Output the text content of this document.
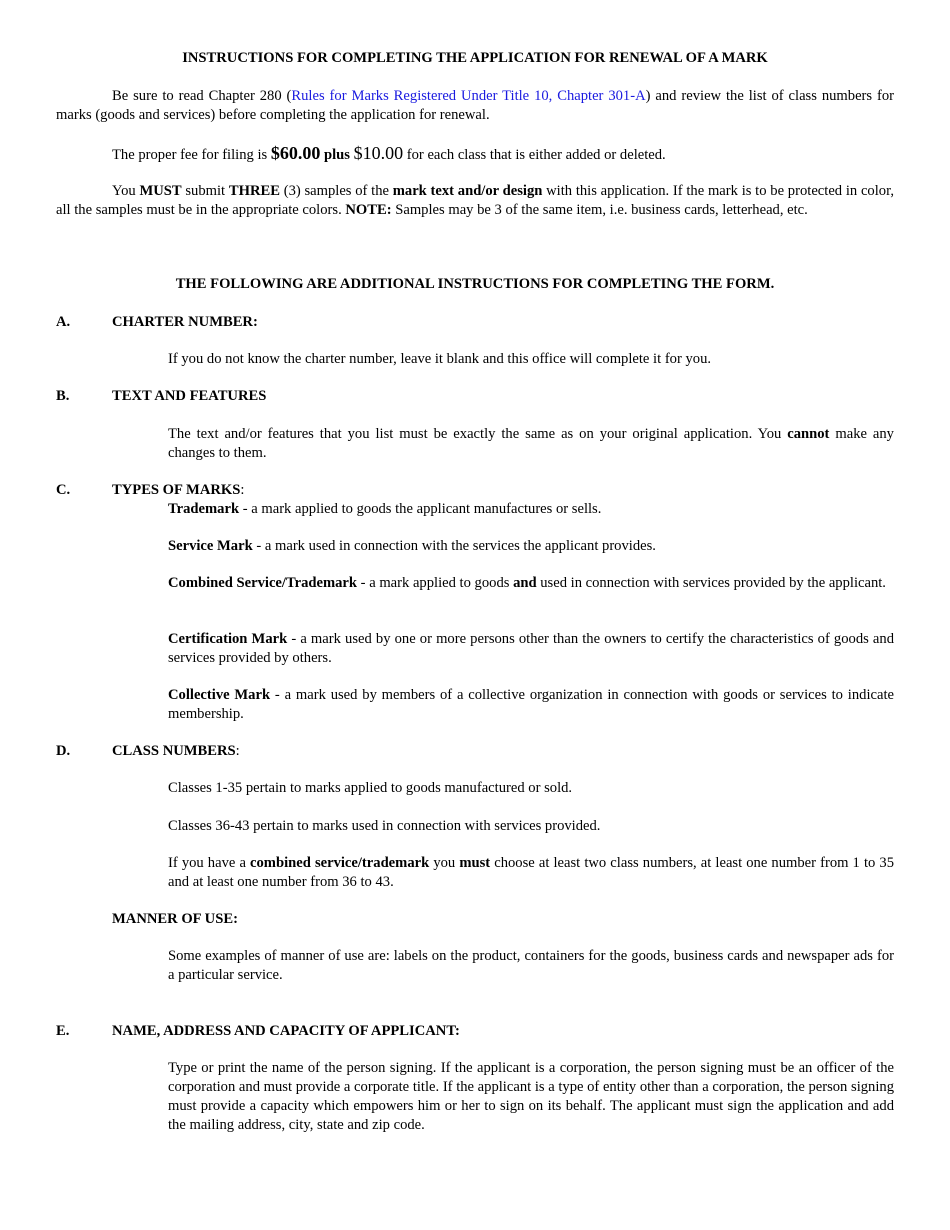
INSTRUCTIONS FOR COMPLETING THE APPLICATION FOR RENEWAL OF A MARK
Be sure to read Chapter 280 (Rules for Marks Registered Under Title 10, Chapter 301-A) and review the list of class numbers for marks (goods and services) before completing the application for renewal.
The proper fee for filing is $60.00 plus $10.00 for each class that is either added or deleted.
You MUST submit THREE (3) samples of the mark text and/or design with this application. If the mark is to be protected in color, all the samples must be in the appropriate colors. NOTE: Samples may be 3 of the same item, i.e. business cards, letterhead, etc.
THE FOLLOWING ARE ADDITIONAL INSTRUCTIONS FOR COMPLETING THE FORM.
A.	CHARTER NUMBER:
If you do not know the charter number, leave it blank and this office will complete it for you.
B.	TEXT AND FEATURES
The text and/or features that you list must be exactly the same as on your original application. You cannot make any changes to them.
C.	TYPES OF MARKS:
Trademark - a mark applied to goods the applicant manufactures or sells.
Service Mark - a mark used in connection with the services the applicant provides.
Combined Service/Trademark - a mark applied to goods and used in connection with services provided by the applicant.
Certification Mark - a mark used by one or more persons other than the owners to certify the characteristics of goods and services provided by others.
Collective Mark - a mark used by members of a collective organization in connection with goods or services to indicate membership.
D.	CLASS NUMBERS:
Classes 1-35 pertain to marks applied to goods manufactured or sold.
Classes 36-43 pertain to marks used in connection with services provided.
If you have a combined service/trademark you must choose at least two class numbers, at least one number from 1 to 35 and at least one number from 36 to 43.
MANNER OF USE:
Some examples of manner of use are: labels on the product, containers for the goods, business cards and newspaper ads for a particular service.
E.	NAME, ADDRESS AND CAPACITY OF APPLICANT:
Type or print the name of the person signing. If the applicant is a corporation, the person signing must be an officer of the corporation and must provide a corporate title. If the applicant is a type of entity other than a corporation, the person signing must provide a capacity which empowers him or her to sign on its behalf. The applicant must sign the application and add the mailing address, city, state and zip code.
